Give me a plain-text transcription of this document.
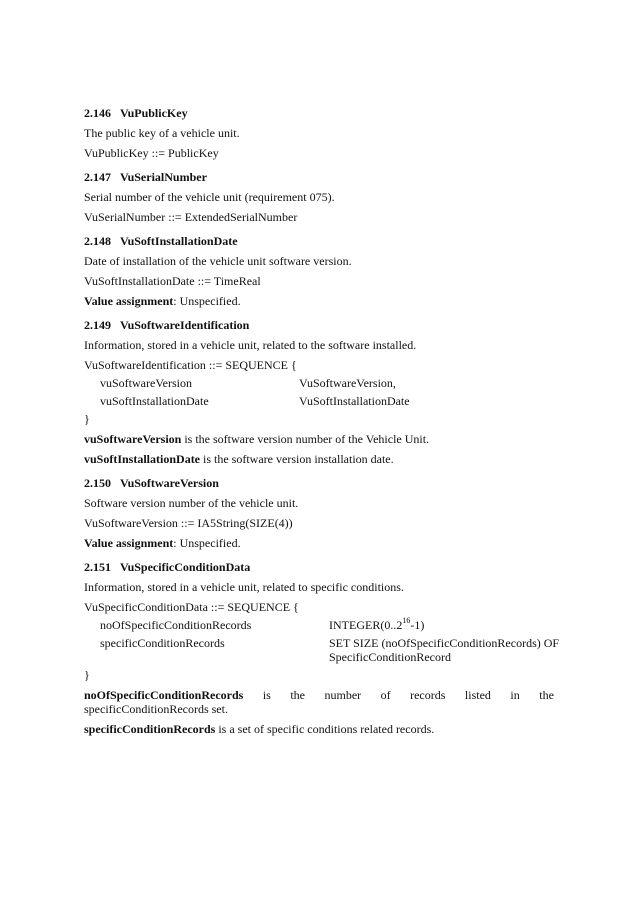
2.146 VuPublicKey
The public key of a vehicle unit.
VuPublicKey ::= PublicKey
2.147 VuSerialNumber
Serial number of the vehicle unit (requirement 075).
VuSerialNumber ::= ExtendedSerialNumber
2.148 VuSoftInstallationDate
Date of installation of the vehicle unit software version.
VuSoftInstallationDate ::= TimeReal
Value assignment: Unspecified.
2.149 VuSoftwareIdentification
Information, stored in a vehicle unit, related to the software installed.
VuSoftwareIdentification ::= SEQUENCE {
vuSoftwareVersion	VuSoftwareVersion,
vuSoftInstallationDate	VuSoftInstallationDate
}
vuSoftwareVersion is the software version number of the Vehicle Unit.
vuSoftInstallationDate is the software version installation date.
2.150 VuSoftwareVersion
Software version number of the vehicle unit.
VuSoftwareVersion ::= IA5String(SIZE(4))
Value assignment: Unspecified.
2.151 VuSpecificConditionData
Information, stored in a vehicle unit, related to specific conditions.
VuSpecificConditionData ::= SEQUENCE {
noOfSpecificConditionRecords	INTEGER(0..2$^{16}$-1)
specificConditionRecords	SET SIZE (noOfSpecificConditionRecords) OF
SpecificConditionRecord
}
noOfSpecificConditionRecords is the number of records listed in the
specificConditionRecords set.
specificConditionRecords is a set of specific conditions related records.
